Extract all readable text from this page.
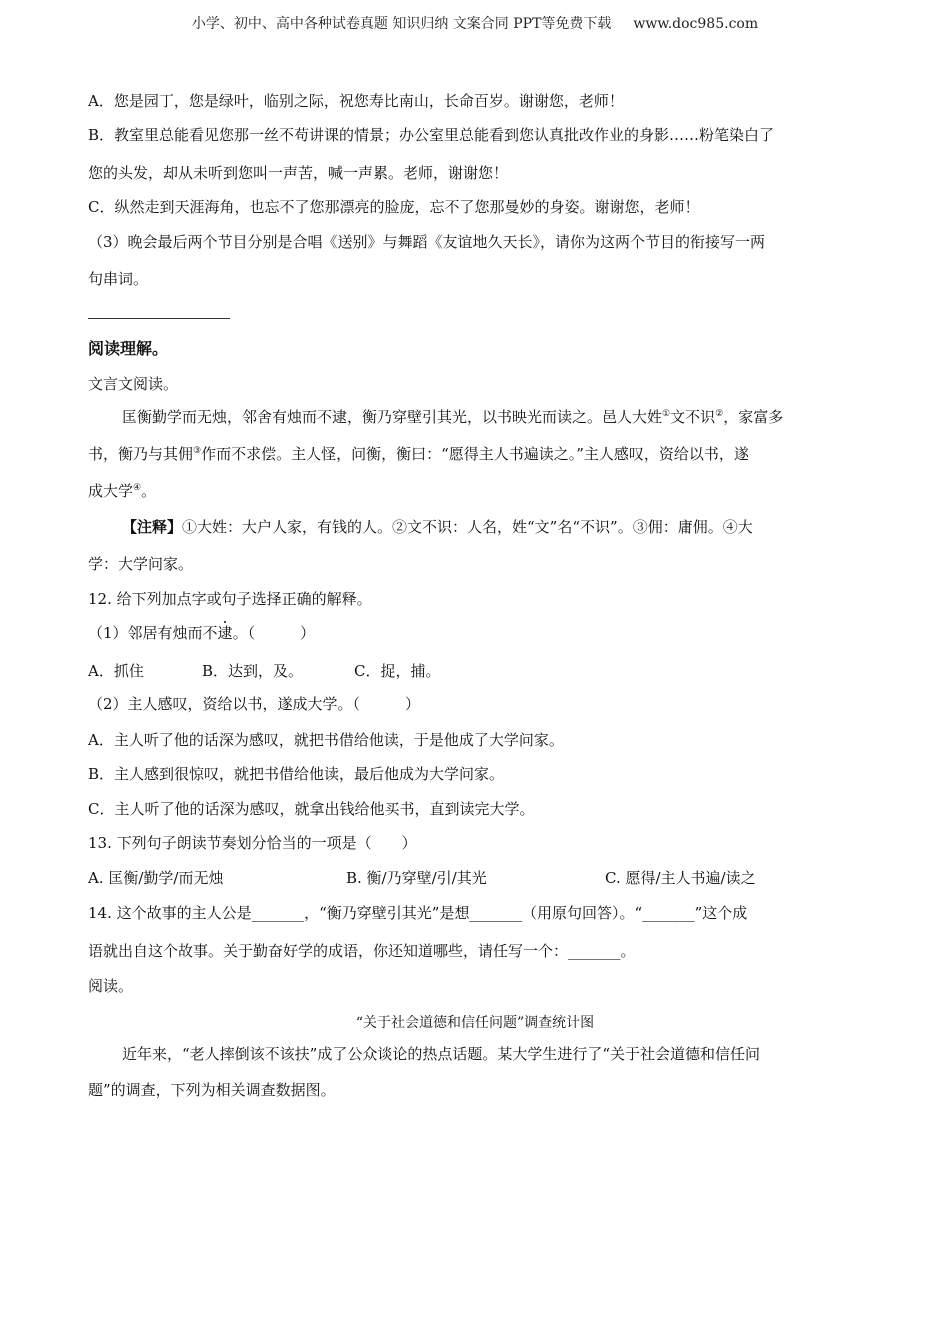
小学、初中、高中各种试卷真题 知识归纳 文案合同 PPT等免费下载 www.doc985.com
A．您是园丁，您是绿叶，临别之际，祝您寿比南山，长命百岁。谢谢您，老师！
B．教室里总能看见您那一丝不苟讲课的情景；办公室里总能看到您认真批改作业的身影……粉笔染白了
您的头发，却从未听到您叫一声苦，喊一声累。老师，谢谢您！
C．纵然走到天涯海角，也忘不了您那漂亮的脸庞，忘不了您那曼妙的身姿。谢谢您，老师！
（3）晚会最后两个节目分别是合唱《送别》与舞蹈《友谊地久天长》，请你为这两个节目的衔接写一两
句串词。
阅读理解。
文言文阅读。
匡衡勤学而无烛，邻舍有烛而不逮，衡乃穿壁引其光，以书映光而读之。邑人大姓①文不识②，家富多
书，衡乃与其佣③作而不求偿。主人怪，问衡，衡曰：“愿得主人书遍读之。”主人感叹，资给以书，遂
成大学④。
【注释】①大姓：大户人家，有钱的人。②文不识：人名，姓“文”名“不识”。③佣：庸佣。④大
学：大学问家。
12. 给下列加点字或句子选择正确的解释。
（1）邻居有烛而不逮。（　　　）
A．抓住	B．达到，及。	C．捉，捕。
（2）主人感叹，资给以书，遂成大学。（　　　）
A．主人听了他的话深为感叹，就把书借给他读，于是他成了大学问家。
B．主人感到很惊叹，就把书借给他读，最后他成为大学问家。
C．主人听了他的话深为感叹，就拿出钱给他买书，直到读完大学。
13. 下列句子朗读节奏划分恰当的一项是（　　）
A. 匡衡/勤学/而无烛	B. 衡/乃穿壁/引/其光	C. 愿得/主人书遍/读之
14. 这个故事的主人公是_______，“衡乃穿壁引其光”是想_______（用原句回答）。“_______”这个成
语就出自这个故事。关于勤奋好学的成语，你还知道哪些，请任写一个：_______。
阅读。
“关于社会道德和信任问题”调查统计图
近年来，“老人摔倒该不该扶”成了公众谈论的热点话题。某大学生进行了“关于社会道德和信任问
题”的调查，下列为相关调查数据图。
